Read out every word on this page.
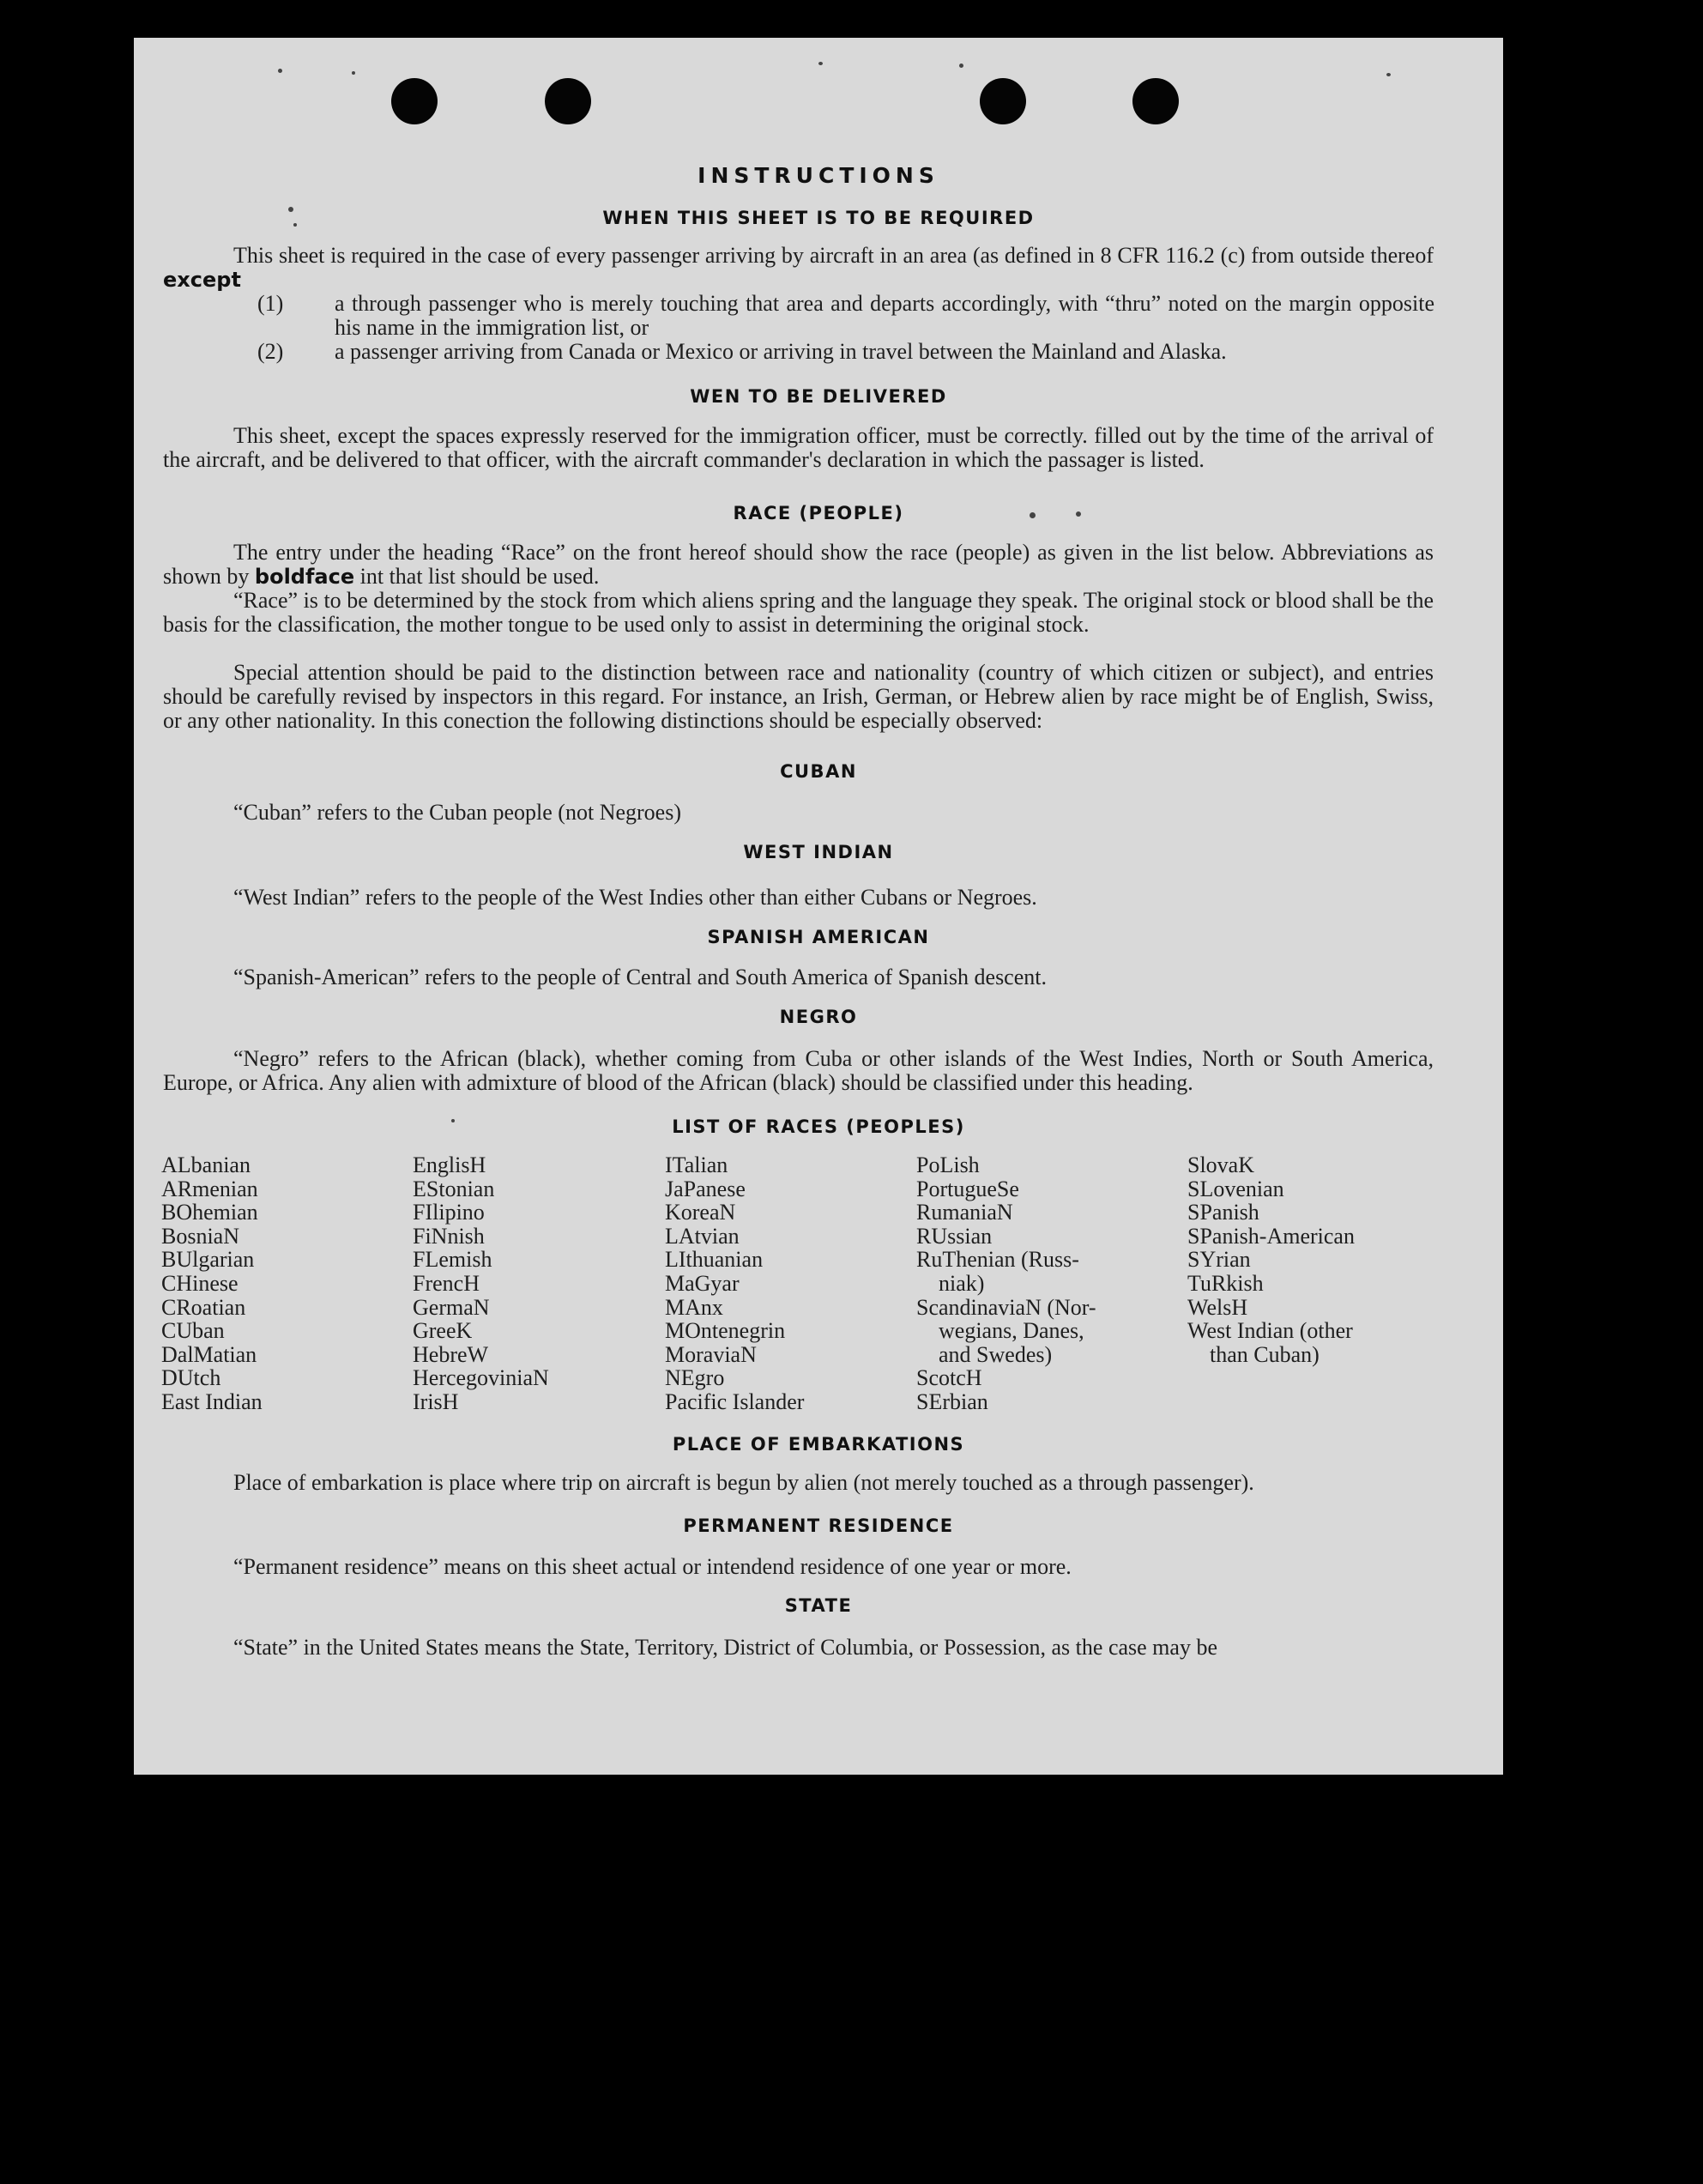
INSTRUCTIONS
WHEN THIS SHEET IS TO BE REQUIRED
This sheet is required in the case of every passenger arriving by aircraft in an area (as defined in 8 CFR 116.2 (c) from outside thereof except
(1) a through passenger who is merely touching that area and departs accordingly, with “thru” noted on the margin opposite his name in the immigration list, or
(2) a passenger arriving from Canada or Mexico or arriving in travel between the Mainland and Alaska.
WEN TO BE DELIVERED
This sheet, except the spaces expressly reserved for the immigration officer, must be correctly. filled out by the time of the arrival of the aircraft, and be delivered to that officer, with the aircraft commander's declaration in which the passager is listed.
RACE (PEOPLE)
The entry under the heading “Race” on the front hereof should show the race (people) as given in the list below. Abbreviations as shown by boldface int that list should be used.
“Race” is to be determined by the stock from which aliens spring and the language they speak. The original stock or blood shall be the basis for the classification, the mother tongue to be used only to assist in determining the original stock.
Special attention should be paid to the distinction between race and nationality (country of which citizen or subject), and entries should be carefully revised by inspectors in this regard. For instance, an Irish, German, or Hebrew alien by race might be of English, Swiss, or any other nationality. In this conection the following distinctions should be especially observed:
CUBAN
“Cuban” refers to the Cuban people (not Negroes)
WEST INDIAN
“West Indian” refers to the people of the West Indies other than either Cubans or Negroes.
SPANISH AMERICAN
“Spanish-American” refers to the people of Central and South America of Spanish descent.
NEGRO
“Negro” refers to the African (black), whether coming from Cuba or other islands of the West Indies, North or South America, Europe, or Africa. Any alien with admixture of blood of the African (black) should be classified under this heading.
LIST OF RACES (PEOPLES)
ALbanian
ARmenian
BOhemian
BosniaN
BUlgarian
CHinese
CRoatian
CUban
DalMatian
DUtch
East Indian
EnglisH
EStonian
FIlipino
FiNnish
FLemish
FrencH
GermaN
GreeK
HebreW
HercegoviniaN
IrisH
ITalian
JaPanese
KoreaN
LAtvian
LIthuanian
MaGyar
MAnx
MOntenegrin
MoraviaN
NEgro
Pacific Islander
PoLish
PortugueSe
RumaniaN
RUssian
RuThenian (Russ-
niak)
ScandinaviaN (Nor-
wegians, Danes,
and Swedes)
ScotcH
SErbian
SlovaK
SLovenian
SPanish
SPanish-American
SYrian
TuRkish
WelsH
West Indian (other
than Cuban)
PLACE OF EMBARKATIONS
Place of embarkation is place where trip on aircraft is begun by alien (not merely touched as a through passenger).
PERMANENT RESIDENCE
“Permanent residence” means on this sheet actual or intendend residence of one year or more.
STATE
“State” in the United States means the State, Territory, District of Columbia, or Possession, as the case may be
